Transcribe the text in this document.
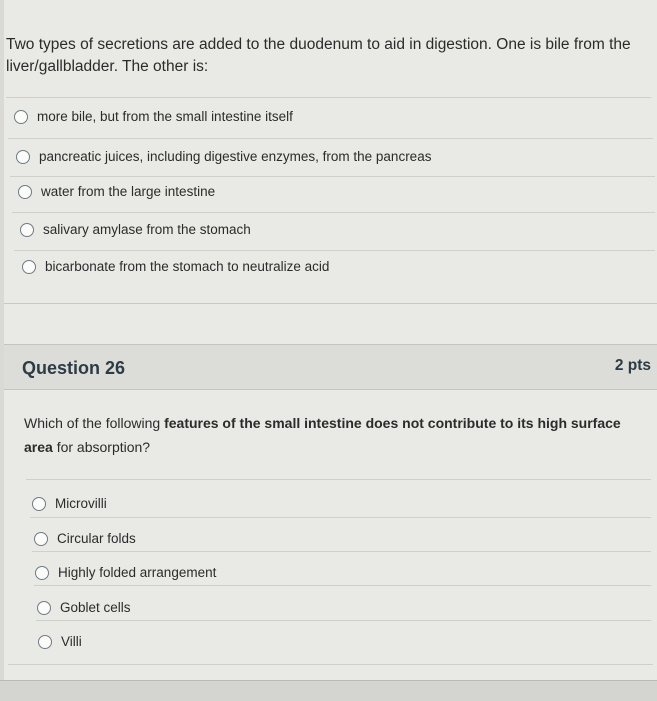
Two types of secretions are added to the duodenum to aid in digestion. One is bile from the liver/gallbladder. The other is:
more bile, but from the small intestine itself
pancreatic juices, including digestive enzymes, from the pancreas
water from the large intestine
salivary amylase from the stomach
bicarbonate from the stomach to neutralize acid
Question 26	2 pts
Which of the following features of the small intestine does not contribute to its high surface area for absorption?
Microvilli
Circular folds
Highly folded arrangement
Goblet cells
Villi
